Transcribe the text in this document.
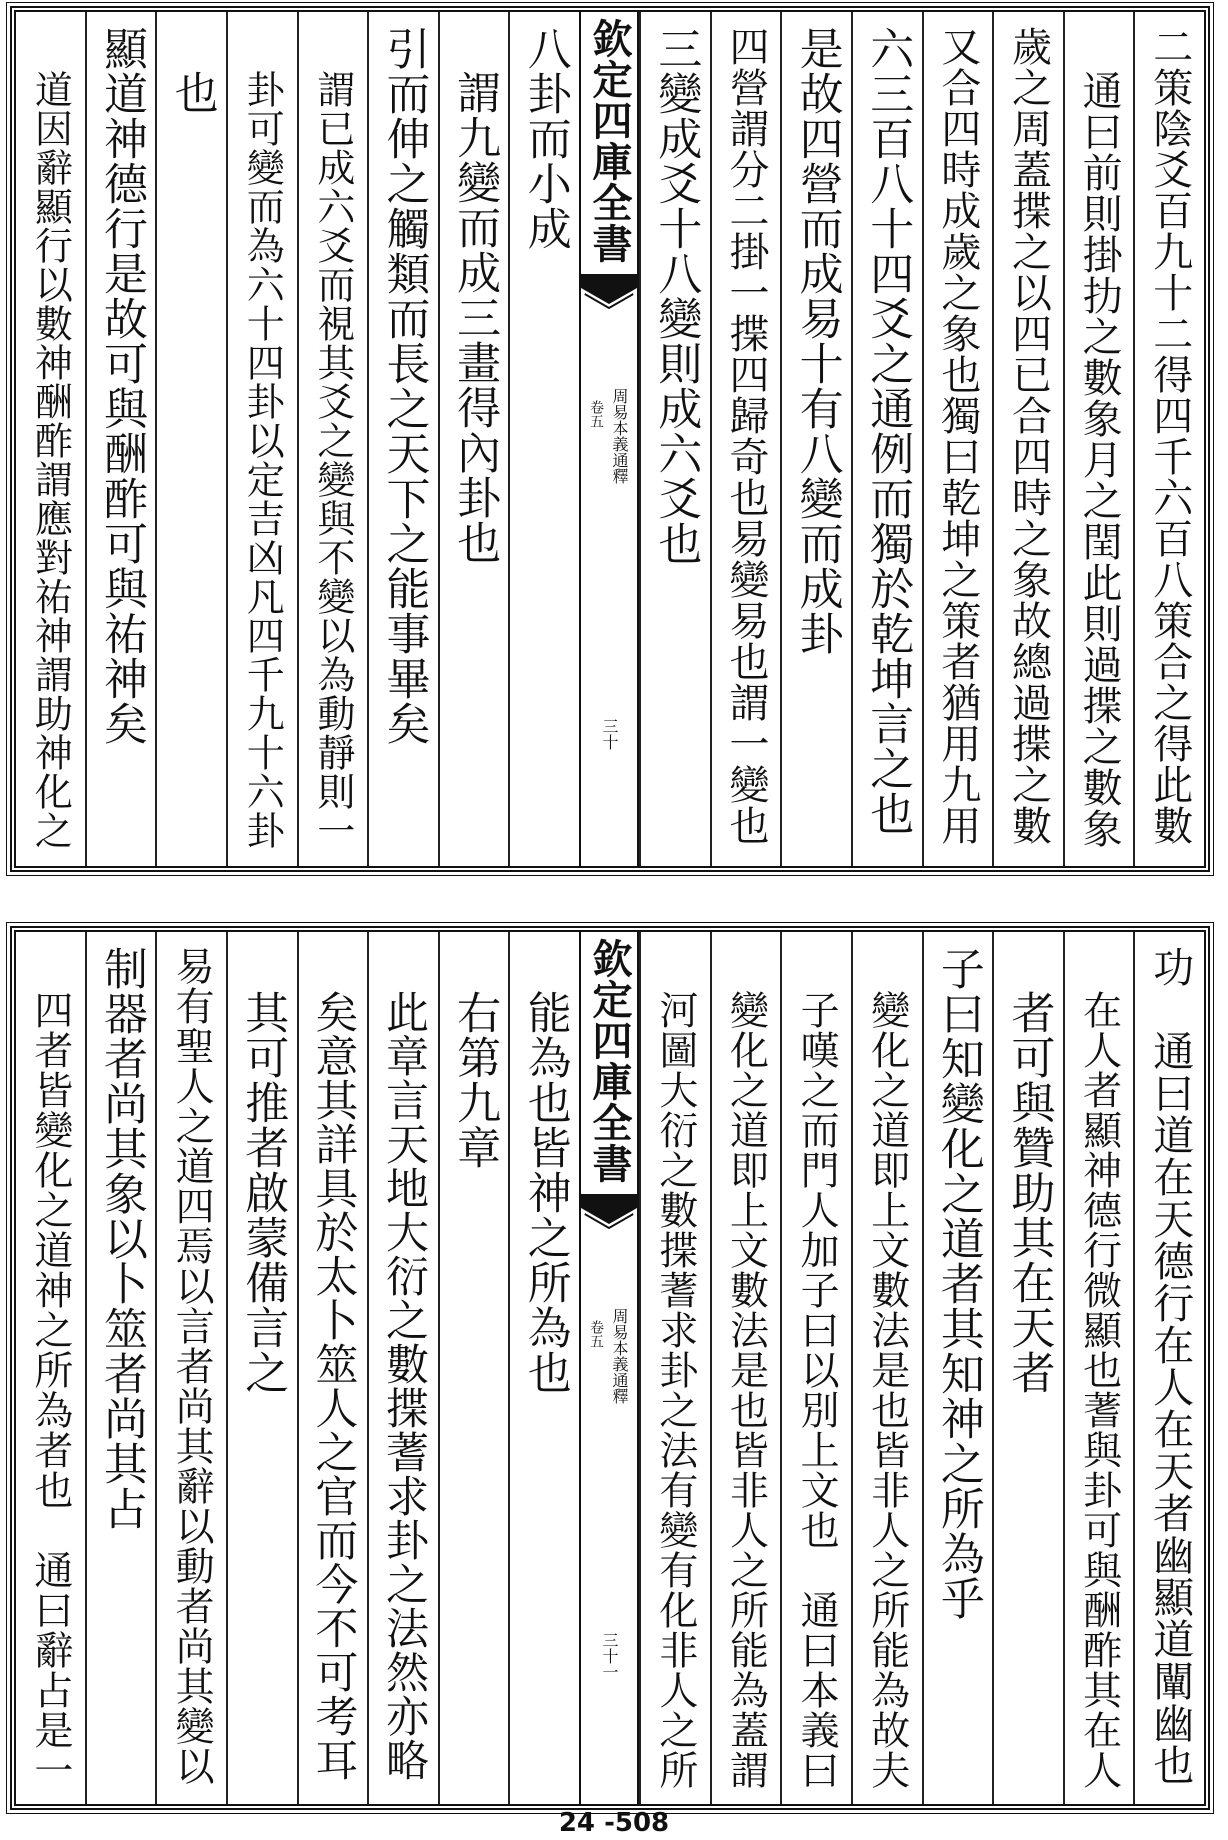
二策陰爻百九十二得四千六百八策合之得此數
通曰前則掛扐之數象月之閏此則過揲之數象
歲之周蓋揲之以四已合四時之象故總過揲之數
又合四時成歲之象也獨曰乾坤之策者猶用九用
六三百八十四爻之通例而獨於乾坤言之也
是故四營而成易十有八變而成卦
四營謂分二掛一揲四歸奇也易變易也謂一變也
三變成爻十八變則成六爻也
欽定四庫全書
周易本義通釋
卷五
三十
八卦而小成
謂九變而成三畫得內卦也
引而伸之觸類而長之天下之能事畢矣
謂已成六爻而視其爻之變與不變以為動靜則一
卦可變而為六十四卦以定吉凶凡四千九十六卦
也
顯道神德行是故可與酬酢可與祐神矣
道因辭顯行以數神酬酢謂應對祐神謂助神化之
功　通曰道在天德行在人在天者幽顯道闡幽也
在人者顯神德行微顯也蓍與卦可與酬酢其在人
者可與贊助其在天者
子曰知變化之道者其知神之所為乎
變化之道即上文數法是也皆非人之所能為故夫
子嘆之而門人加子曰以別上文也　通曰本義曰
變化之道即上文數法是也皆非人之所能為蓋謂
河圖大衍之數揲蓍求卦之法有變有化非人之所
欽定四庫全書
周易本義通釋
卷五
三十一
能為也皆神之所為也
右第九章
此章言天地大衍之數揲蓍求卦之法然亦略
矣意其詳具於太卜筮人之官而今不可考耳
其可推者啟蒙備言之
易有聖人之道四焉以言者尚其辭以動者尚其變以
制器者尚其象以卜筮者尚其占
四者皆變化之道神之所為者也　通曰辭占是一
24 -508
